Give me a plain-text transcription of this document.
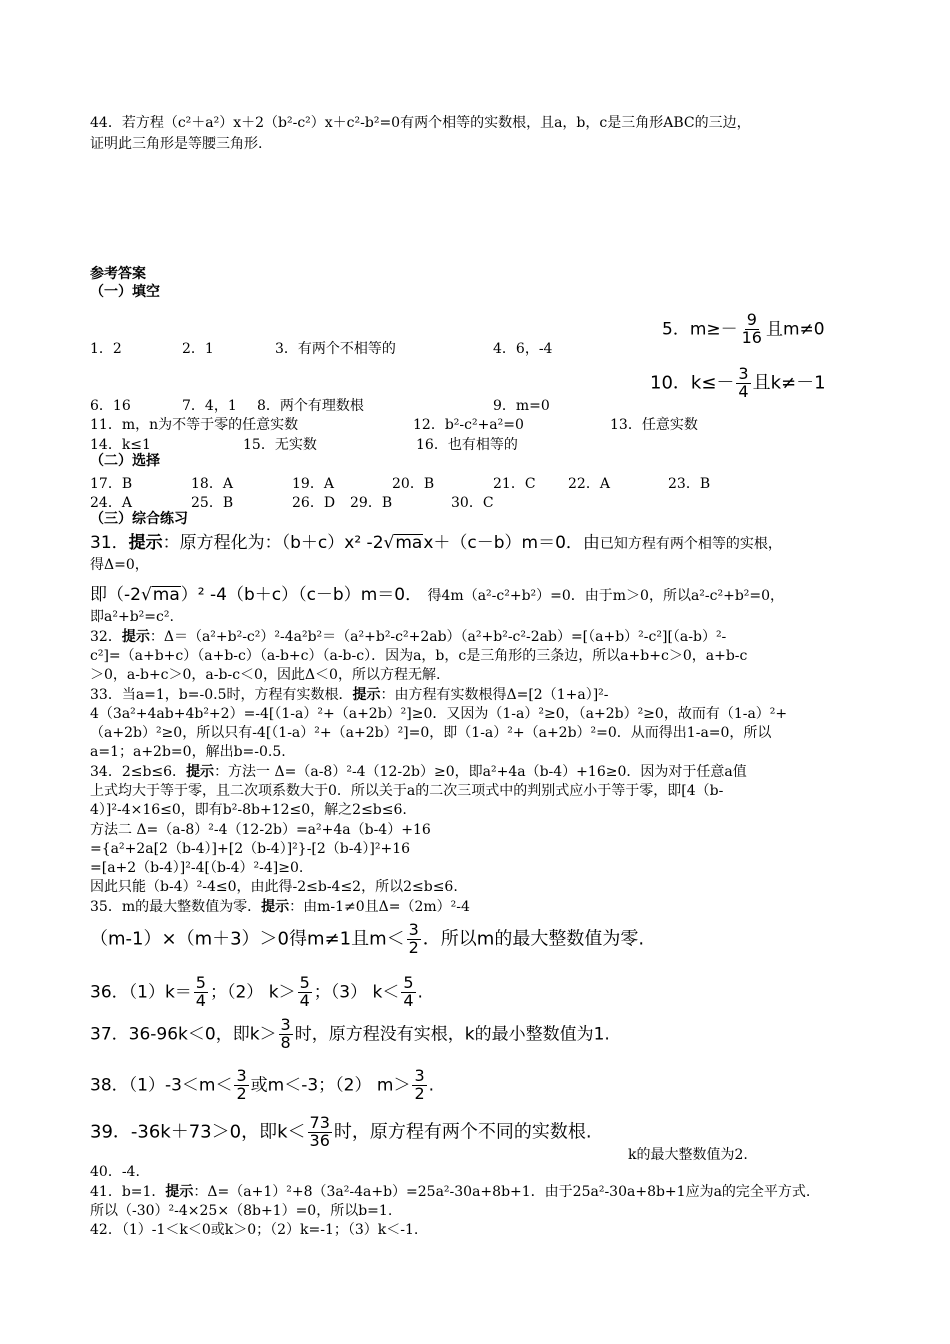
44．若方程（c²＋a²）x＋2（b²-c²）x＋c²-b²=0有两个相等的实数根，且a，b，c是三角形ABC的三边，
证明此三角形是等腰三角形.
参考答案
（一）填空
5．$m\ge- \frac{9}{16}$ 且m≠0
1．2	2．1	3．有两个不相等的	4．6，-4
10．$k\le- \frac{3}{4}$ 且k≠－1
6．16	7．4，1 8．两个有理数根	9．m=0
11．m，n为不等于零的任意实数	12．b²-c²+a²=0	13．任意实数
14．k≤1	15．无实数	16．也有相等的
（二）选择
17．B	18．A	19．A	20．B	21．C 22．A	23．B
24．A	25．B	26．D 29．B	30．C
（三）综合练习
31．提示：原方程化为：（b＋c）x² -2√ ma x＋（c－b）m＝0．由已知方程有两个相等的实根，
得Δ=0，
即（-2√ ma ）² -4（b＋c）（c－b）m＝0． 得4m（a²-c²+b²）=0．由于m＞0，所以a²-c²+b²=0，
即a²+b²=c².
32．提示：Δ＝（a²+b²-c²）²-4a²b²＝（a²+b²-c²+2ab）（a²+b²-c²-2ab）=[（a+b）²-c²][（a-b）²-
c²]=（a+b+c）（a+b-c）（a-b+c）（a-b-c）．因为a，b，c是三角形的三条边，所以a+b+c＞0，a+b-c
＞0，a-b+c＞0，a-b-c＜0，因此Δ＜0，所以方程无解.
33．当a=1，b=-0.5时，方程有实数根．提示：由方程有实数根得Δ=[2（1+a）]²-
4（3a²+4ab+4b²+2）=-4[（1-a）²+（a+2b）²]≥0．又因为（1-a）²≥0，（a+2b）²≥0，故而有（1-a）²+
（a+2b）²≥0，所以只有-4[（1-a）²+（a+2b）²]=0，即（1-a）²+（a+2b）²=0．从而得出1-a=0，所以
a=1；a+2b=0，解出b=-0.5.
34．2≤b≤6．提示：方法一 Δ=（a-8）²-4（12-2b）≥0，即a²+4a（b-4）+16≥0．因为对于任意a值
上式均大于等于零，且二次项系数大于0．所以关于a的二次三项式中的判别式应小于等于零，即[4（b-
4）]²-4×16≤0，即有b²-8b+12≤0，解之2≤b≤6.
方法二 Δ=（a-8）²-4（12-2b）=a²+4a（b-4）+16
={a²+2a[2（b-4）]+[2（b-4）]²}-[2（b-4）]²+16
=[a+2（b-4）]²-4[（b-4）²-4]≥0.
因此只能（b-4）²-4≤0，由此得-2≤b-4≤2，所以2≤b≤6.
35．m的最大整数值为零．提示：由m-1≠0且Δ=（2m）²-4
（m-1）×（m＋3）＞0得m≠1且$m< \frac{3}{2}$ ．所以m的最大整数值为零.
36．$(1)k= \frac{5}{4}$ ；（2） $k> \frac{5}{4}$ ；（3） $k< \frac{5}{4}$ .
37．36-96k＜0，即$k> \frac{3}{8}$ 时，原方程没有实根，k的最小整数值为1.
38．$(1)-3<m< \frac{3}{2}$ 或m＜-3；（2） $m> \frac{3}{2}$ .
39．-36k＋73＞0，即$k< \frac{73}{36}$ 时，原方程有两个不同的实数根.
k的最大整数值为2.
40．-4.
41．b=1．提示：Δ=（a+1）²+8（3a²-4a+b）=25a²-30a+8b+1．由于25a²-30a+8b+1应为a的完全平方式.
所以（-30）²-4×25×（8b+1）=0，所以b=1.
42．（1）-1＜k＜0或k＞0；（2）k=-1；（3）k＜-1.
